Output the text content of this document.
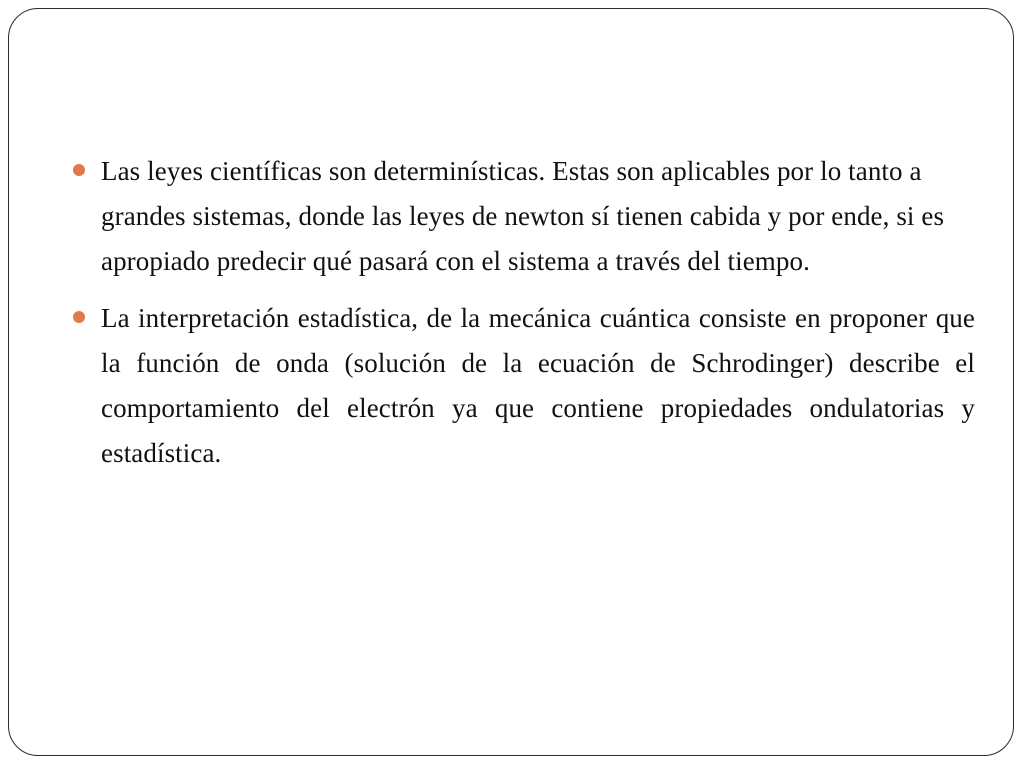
Las leyes científicas son determinísticas. Estas son aplicables por lo tanto a grandes sistemas, donde las leyes de newton sí tienen cabida y por ende, si es apropiado predecir qué pasará con el sistema a través del tiempo.
La interpretación estadística, de la mecánica cuántica consiste en proponer que la función de onda (solución de la ecuación de Schrodinger) describe el comportamiento del electrón ya que contiene propiedades ondulatorias y estadística.
